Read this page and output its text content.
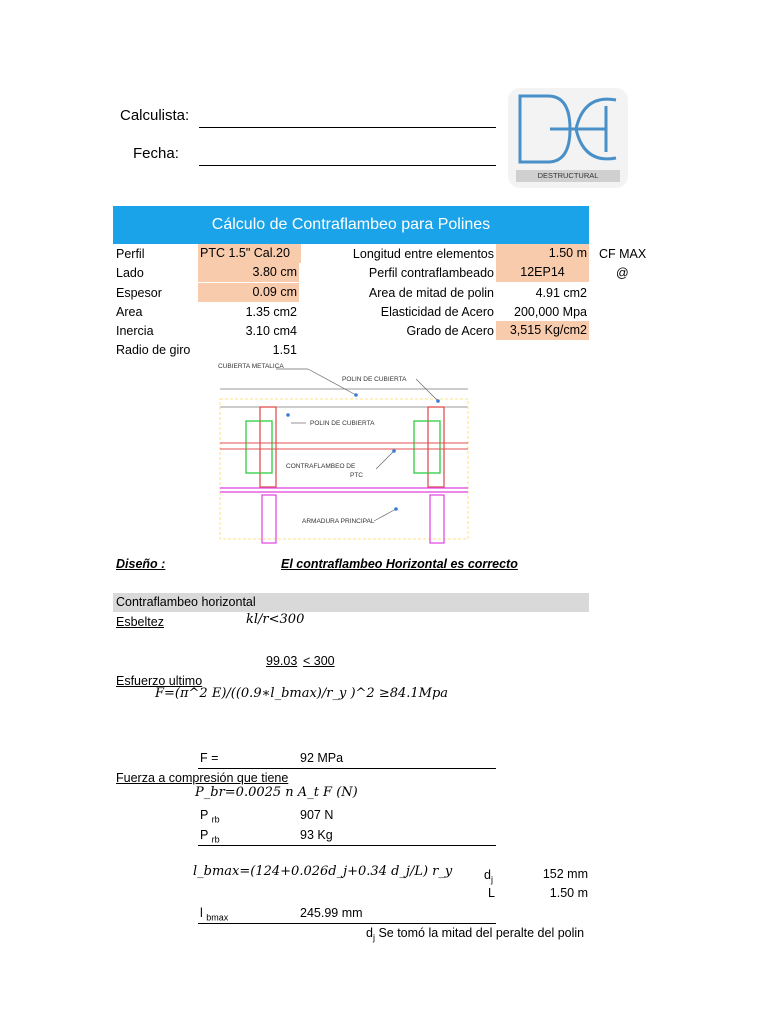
Calculista:
Fecha:
DESTRUCTURAL
Cálculo de Contraflambeo para Polines
Perfil	PTC 1.5" Cal.20
Lado	3.80 cm
Espesor	0.09 cm
Area	1.35 cm2
Inercia	3.10 cm4
Radio de giro	1.51
Longitud entre elementos	1.50 m
Perfil contraflambeado	12EP14
Area de mitad de polin	4.91 cm2
Elasticidad de Acero	200,000 Mpa
Grado de Acero	3,515 Kg/cm2
CF MAX
@
CUBIERTA METALICA
POLIN DE CUBIERTA
POLIN DE CUBIERTA
CONTRAFLAMBEO DE
PTC
ARMADURA PRINCIPAL
Diseño :	El contraflambeo Horizontal es correcto
Contraflambeo horizontal
Esbeltez	kl/r<300
99.03 < 300
Esfuerzo ultimo
F=(π^2 E)/((0.9∗l_bmax)/r_y )^2 ≥84.1Mpa
F =	92 MPa
Fuerza a compresión que tiene
P_br=0.0025 n A_t F (N)
P $_{rb}$	907 N
P $_{rb}$	93 Kg
l_bmax=(124+0.026d_j+0.34 d_j/L) r_y	$d_j$	152 mm
L	1.50 m
l $_{bmax}$	245.99 mm
$d_j$ Se tomó la mitad del peralte del polin
